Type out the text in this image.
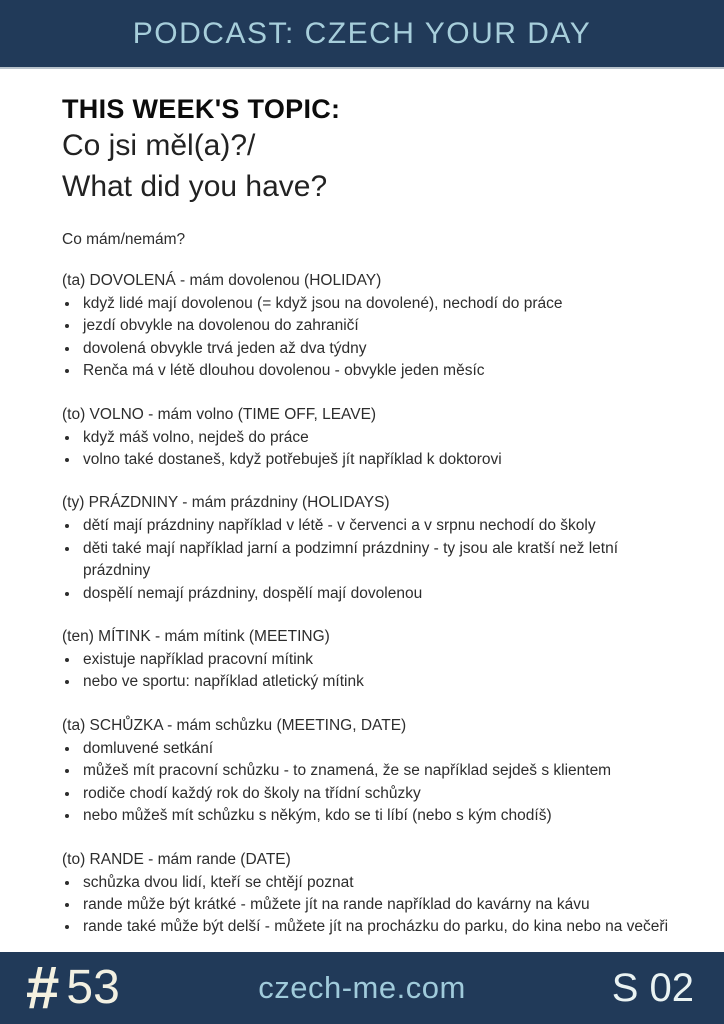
PODCAST: CZECH YOUR DAY
THIS WEEK'S TOPIC:
Co jsi měl(a)?/
What did you have?
Co mám/nemám?
(ta) DOVOLENÁ - mám dovolenou (HOLIDAY)
• když lidé mají dovolenou (= když jsou na dovolené), nechodí do práce
• jezdí obvykle na dovolenou do zahraničí
• dovolená obvykle trvá jeden až dva týdny
• Renča má v létě dlouhou dovolenou - obvykle jeden měsíc
(to) VOLNO - mám volno (TIME OFF, LEAVE)
• když máš volno, nejdeš do práce
• volno také dostaneš, když potřebuješ jít například k doktorovi
(ty) PRÁZDNINY - mám prázdniny (HOLIDAYS)
• dětí mají prázdniny například v létě - v červenci a v srpnu nechodí do školy
• děti také mají například jarní a podzimní prázdniny - ty jsou ale kratší než letní prázdniny
• dospělí nemají prázdniny, dospělí mají dovolenou
(ten) MÍTINK - mám mítink (MEETING)
• existuje například pracovní mítink
• nebo ve sportu: například atletický mítink
(ta) SCHŮZKA - mám schůzku (MEETING, DATE)
• domluvené setkání
• můžeš mít pracovní schůzku - to znamená, že se například sejdeš s klientem
• rodiče chodí každý rok do školy na třídní schůzky
• nebo můžeš mít schůzku s někým, kdo se ti líbí (nebo s kým chodíš)
(to) RANDE - mám rande (DATE)
• schůzka dvou lidí, kteří se chtějí poznat
• rande může být krátké - můžete jít na rande například do kavárny na kávu
• rande také může být delší - můžete jít na procházku do parku, do kina nebo na večeři
# 53	czech-me.com	S 02
